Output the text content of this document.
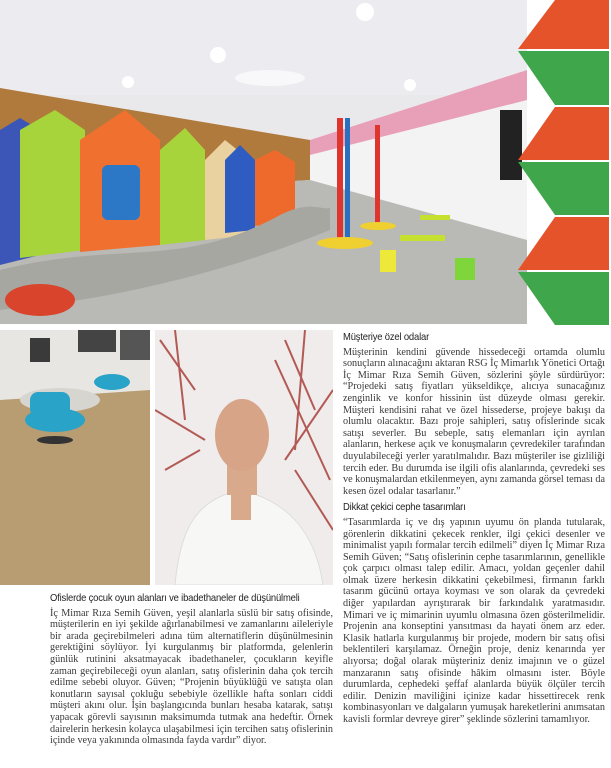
Müşteriye özel odalar

Müşterinin kendini güvende hissedeceği ortamda olumlu sonuçların alınacağını aktaran RSG İç Mimarlık Yönetici Ortağı İç Mimar Rıza Semih Güven, sözlerini şöyle sürdürüyor: “Projedeki satış fiyatları yükseldikçe, alıcıya sunacağınız zenginlik ve konfor hissinin üst düzeyde olması gerekir. Müşteri kendisini rahat ve özel hissederse, projeye bakışı da olumlu olacaktır. Bazı proje sahipleri, satış ofislerinde sıcak satışı severler. Bu sebeple, satış elemanları için ayrılan alanların, herkese açık ve konuşmaların çevredekiler tarafından duyulabileceği yerler yaratılmalıdır. Bazı müşteriler ise gizliliği tercih eder. Bu durumda ise ilgili ofis alanlarında, çevredeki ses ve konuşmalardan etkilenmeyen, aynı zamanda görsel teması da kesen özel odalar tasarlanır.”

Dikkat çekici cephe tasarımları

“Tasarımlarda iç ve dış yapının uyumu ön planda tutularak, görenlerin dikkatini çekecek renkler, ilgi çekici desenler ve minimalist yapılı formalar tercih edilmeli” diyen İç Mimar Rıza Semih Güven; “Satış ofislerinin cephe tasarımlarının, genellikle çok çarpıcı olması talep edilir. Amacı, yoldan geçenler dahil olmak üzere herkesin dikkatini çekebilmesi, firmanın farklı tasarım gücünü ortaya koyması ve son olarak da çevredeki diğer yapılardan ayrıştırarak bir farkındalık yaratmasıdır. Mimari ve iç mimarinin uyumlu olmasına özen gösterilmelidir. Projenin ana konseptini yansıtması da hayati önem arz eder. Klasik hatlarla kurgulanmış bir projede, modern bir satış ofisi beklentileri karşılamaz. Örneğin proje, deniz kenarında yer alıyorsa; doğal olarak müşteriniz deniz imajının ve o güzel manzaranın satış ofisinde hâkim olmasını ister. Böyle durumlarda, cephedeki şeffaf alanlarda büyük ölçüler tercih edilir. Denizin maviliğini içinize kadar hissettirecek renk kombinasyonları ve dalgaların yumuşak hareketlerini anımsatan kavisli formlar devreye girer” şeklinde sözlerini tamamlıyor.

Ofislerde çocuk oyun alanları ve ibadethaneler de düşünülmeli

İç Mimar Rıza Semih Güven, yeşil alanlarla süslü bir satış ofisinde, müşterilerin en iyi şekilde ağırlanabilmesi ve zamanlarını aileleriyle bir arada geçirebilmeleri adına tüm alternatiflerin düşünülmesinin gerektiğini söylüyor. İyi kurgulanmış bir platformda, gelenlerin günlük rutinini aksatmayacak ibadethaneler, çocukların keyifle zaman geçirebileceği oyun alanları, satış ofislerinin daha çok tercih edilme sebebi oluyor. Güven; “Projenin büyüklüğü ve satışta olan konutların sayısal çokluğu sebebiyle özellikle hafta sonları ciddi müşteri akını olur. İşin başlangıcında bunları hesaba katarak, satışı yapacak görevli sayısının maksimumda tutmak ana hedeftir. Örnek dairelerin herkesin kolayca ulaşabilmesi için tercihen satış ofislerinin içinde veya yakınında olmasında fayda vardır” diyor.
